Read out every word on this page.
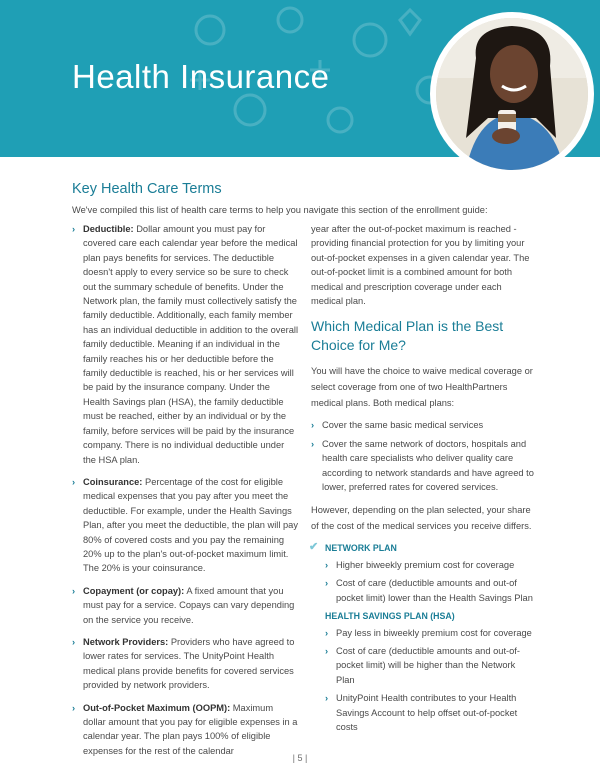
Health Insurance
Key Health Care Terms
We've compiled this list of health care terms to help you navigate this section of the enrollment guide:
› Deductible: Dollar amount you must pay for covered care each calendar year before the medical plan pays benefits for services. The deductible doesn't apply to every service so be sure to check out the summary schedule of benefits. Under the Network plan, the family must collectively satisfy the family deductible. Additionally, each family member has an individual deductible in addition to the overall family deductible. Meaning if an individual in the family reaches his or her deductible before the family deductible is reached, his or her services will be paid by the insurance company. Under the Health Savings plan (HSA), the family deductible must be reached, either by an individual or by the family, before services will be paid by the insurance company. There is no individual deductible under the HSA plan.
› Coinsurance: Percentage of the cost for eligible medical expenses that you pay after you meet the deductible. For example, under the Health Savings Plan, after you meet the deductible, the plan will pay 80% of covered costs and you pay the remaining 20% up to the plan's out-of-pocket maximum limit. The 20% is your coinsurance.
› Copayment (or copay): A fixed amount that you must pay for a service. Copays can vary depending on the service you receive.
› Network Providers: Providers who have agreed to lower rates for services. The UnityPoint Health medical plans provide benefits for covered services provided by network providers.
› Out-of-Pocket Maximum (OOPM): Maximum dollar amount that you pay for eligible expenses in a calendar year. The plan pays 100% of eligible expenses for the rest of the calendar
year after the out-of-pocket maximum is reached - providing financial protection for you by limiting your out-of-pocket expenses in a given calendar year. The out-of-pocket limit is a combined amount for both medical and prescription coverage under each medical plan.
Which Medical Plan is the Best Choice for Me?
You will have the choice to waive medical coverage or select coverage from one of two HealthPartners medical plans. Both medical plans:
› Cover the same basic medical services
› Cover the same network of doctors, hospitals and health care specialists who deliver quality care according to network standards and have agreed to lower, preferred rates for covered services.
However, depending on the plan selected, your share of the cost of the medical services you receive differs.
✔ NETWORK PLAN
› Higher biweekly premium cost for coverage
› Cost of care (deductible amounts and out-of pocket limit) lower than the Health Savings Plan
HEALTH SAVINGS PLAN (HSA)
› Pay less in biweekly premium cost for coverage
› Cost of care (deductible amounts and out-of-pocket limit) will be higher than the Network Plan
› UnityPoint Health contributes to your Health Savings Account to help offset out-of-pocket costs
| 5 |
